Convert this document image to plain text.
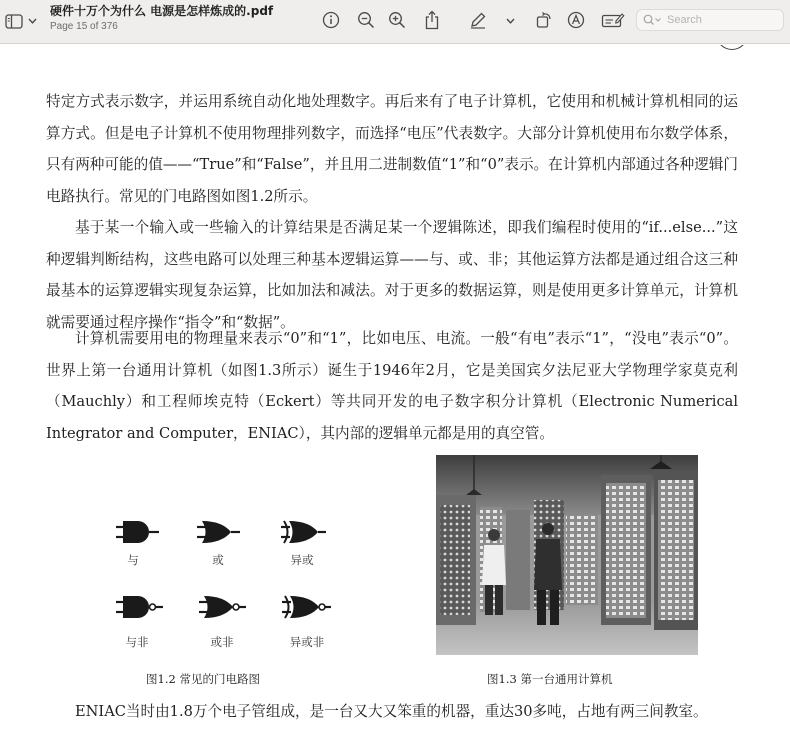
硬件十万个为什么 电源是怎样炼成的.pdf
Page 15 of 376
Search

特定方式表示数字，并运用系统自动化地处理数字。再后来有了电子计算机，它使用和机械计算机相同的运算方式。但是电子计算机不使用物理排列数字，而选择“电压”代表数字。大部分计算机使用布尔数学体系，只有两种可能的值——“True”和“False”，并且用二进制数值“1”和“0”表示。在计算机内部通过各种逻辑门电路执行。常见的门电路图如图1.2所示。

基于某一个输入或一些输入的计算结果是否满足某一个逻辑陈述，即我们编程时使用的“if...else...”这种逻辑判断结构，这些电路可以处理三种基本逻辑运算——与、或、非；其他运算方法都是通过组合这三种最基本的运算逻辑实现复杂运算，比如加法和减法。对于更多的数据运算，则是使用更多计算单元，计算机就需要通过程序操作“指令”和“数据”。

计算机需要用电的物理量来表示“0”和“1”，比如电压、电流。一般“有电”表示“1”，“没电”表示“0”。世界上第一台通用计算机（如图1.3所示）诞生于1946年2月，它是美国宾夕法尼亚大学物理学家莫克利（Mauchly）和工程师埃克特（Eckert）等共同开发的电子数字积分计算机（Electronic Numerical Integrator and Computer，ENIAC），其内部的逻辑单元都是用的真空管。

与	或	异或
与非	或非	异或非
图1.2 常见的门电路图	图1.3 第一台通用计算机

ENIAC当时由1.8万个电子管组成，是一台又大又笨重的机器，重达30多吨，占地有两三间教室。
